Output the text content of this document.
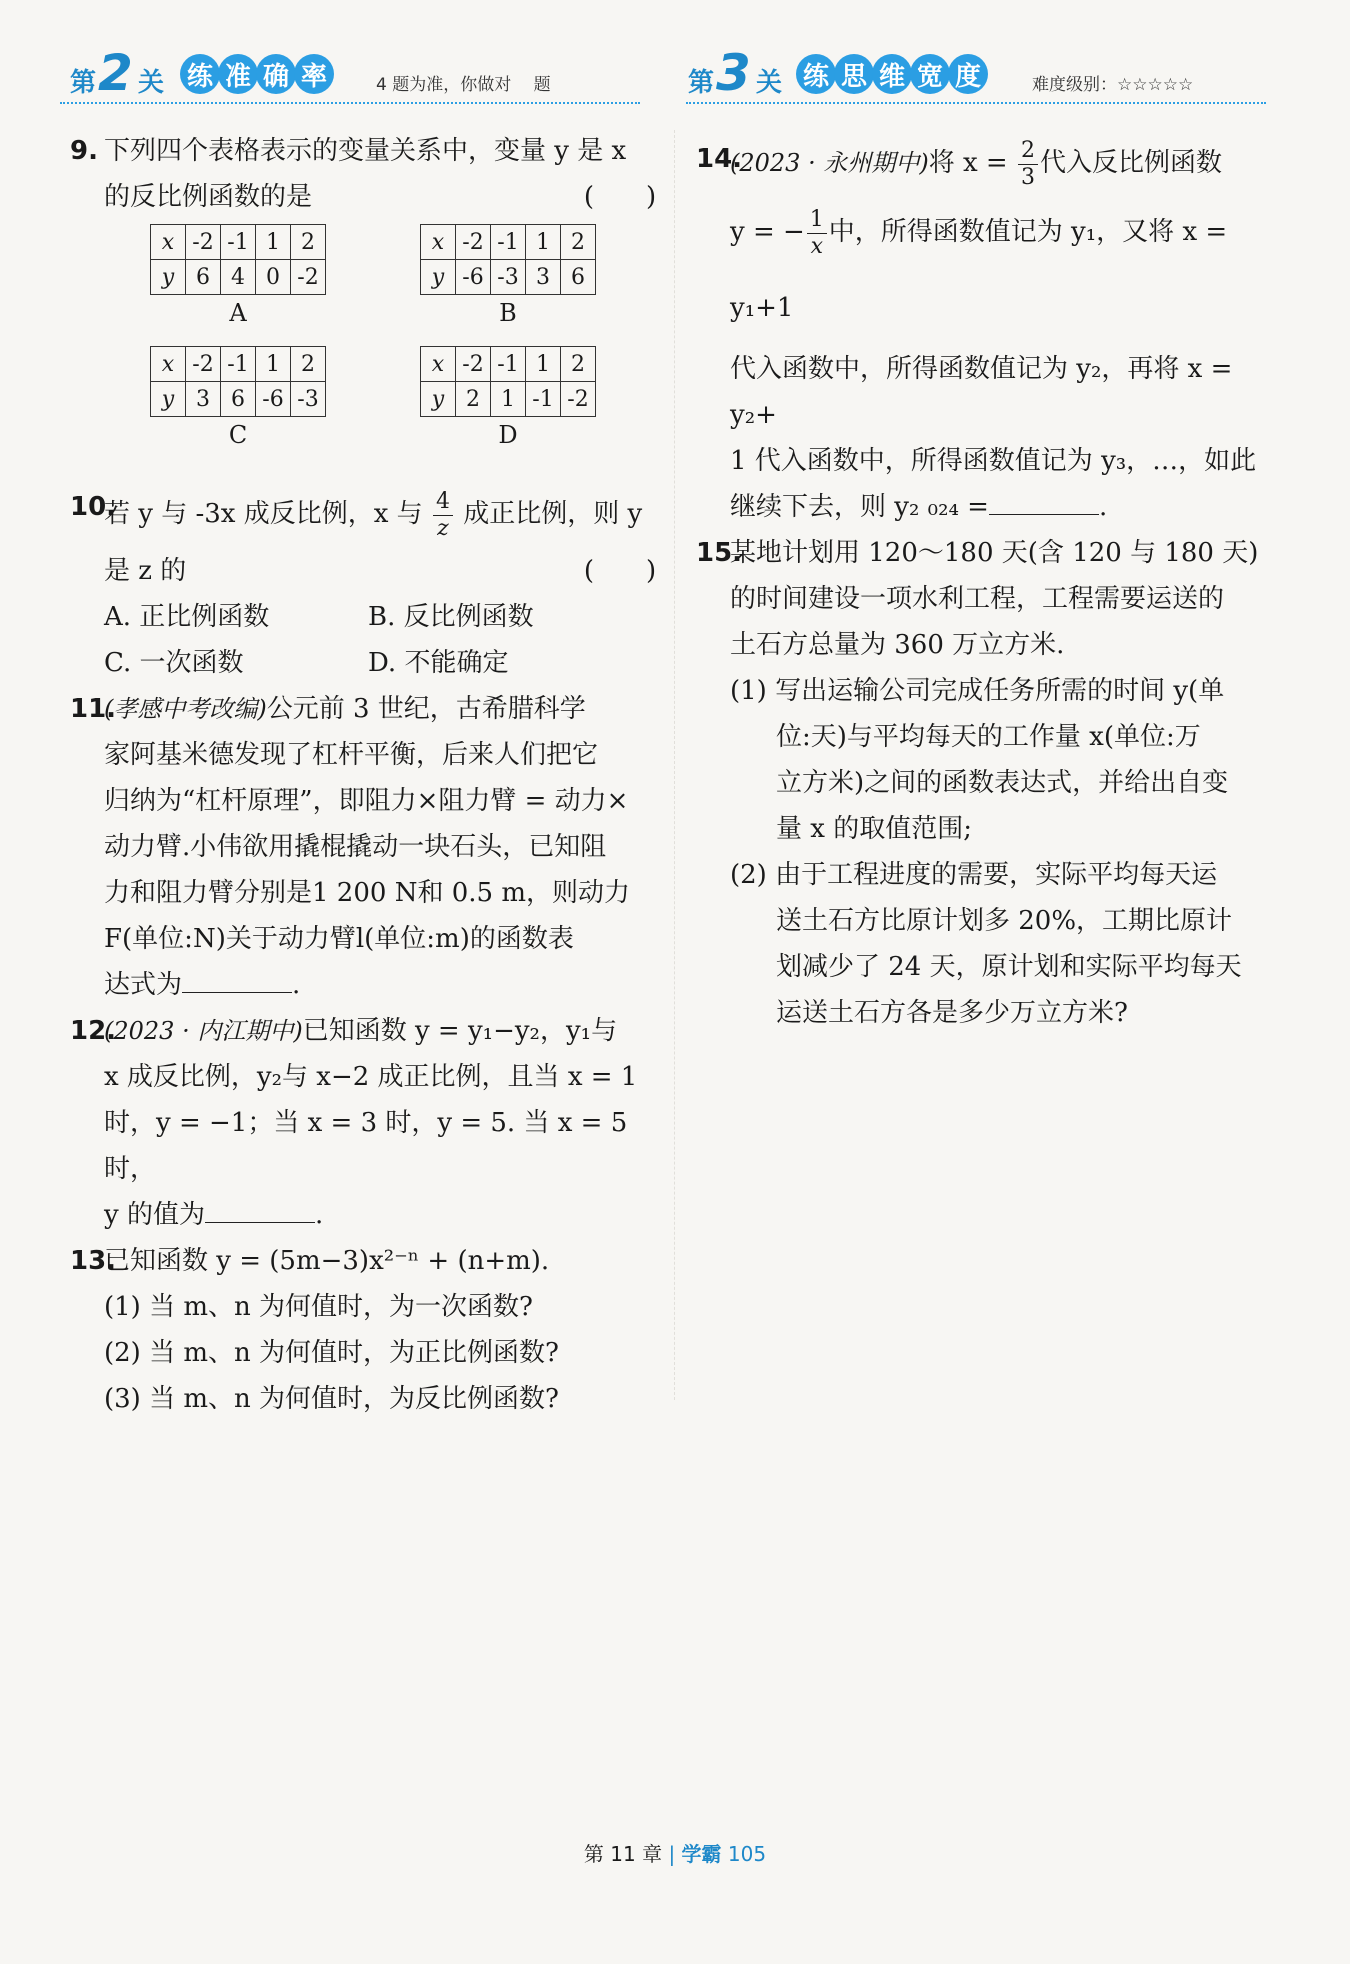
第 2 关 练 准 确 率	4 题为准，你做对　 题
9. 下列四个表格表示的变量关系中，变量 y 是 x
(　　)
的反比例函数的是
x	-2	-1	1	2
y	6	4	0	-2
A
x	-2	-1	1	2
y	-6	-3	3	6
B
x	-2	-1	1	2
y	3	6	-6	-3
C
x	-2	-1	1	2
y	2	1	-1	-2
D
10.
若 y 与 -3x 成反比例，x 与 $\frac{4}{z}$ 成正比例，则 y
(　　)
是 z 的
A. 正比例函数	B. 反比例函数
C. 一次函数	D. 不能确定
11.
(孝感中考改编)公元前 3 世纪，古希腊科学
家阿基米德发现了杠杆平衡，后来人们把它
归纳为“杠杆原理”，即阻力×阻力臂 = 动力×
动力臂.小伟欲用撬棍撬动一块石头，已知阻
力和阻力臂分别是1 200 N和 0.5 m，则动力
F(单位:N)关于动力臂l(单位:m)的函数表
达式为	.
12.
(2023 · 内江期中)已知函数 y = y₁−y₂，y₁与
x 成反比例，y₂与 x−2 成正比例，且当 x = 1
时，y = −1；当 x = 3 时，y = 5. 当 x = 5 时，
y 的值为	.
13.
已知函数 y = (5m−3)x²⁻ⁿ + (n+m).
(1) 当 m、n 为何值时，为一次函数?
(2) 当 m、n 为何值时，为正比例函数?
(3) 当 m、n 为何值时，为反比例函数?
第 3 关 练 思 维 宽 度	难度级别：☆☆☆☆☆
14.
(2023 · 永州期中)将 $x = \frac{2}{3}$ 代入反比例函数
y = − $\frac{1}{x}$ 中，所得函数值记为 y₁，又将 x = y₁+1
代入函数中，所得函数值记为 y₂，再将 x = y₂+
1 代入函数中，所得函数值记为 y₃，…，如此
继续下去，则 y₂ ₀₂₄ =	.
15.
某地计划用 120～180 天(含 120 与 180 天)
的时间建设一项水利工程，工程需要运送的
土石方总量为 360 万立方米.
(1) 写出运输公司完成任务所需的时间 y(单
位:天)与平均每天的工作量 x(单位:万
立方米)之间的函数表达式，并给出自变
量 x 的取值范围;
(2) 由于工程进度的需要，实际平均每天运
送土石方比原计划多 20%，工期比原计
划减少了 24 天，原计划和实际平均每天
运送土石方各是多少万立方米?
第 11 章 | 学霸 105
